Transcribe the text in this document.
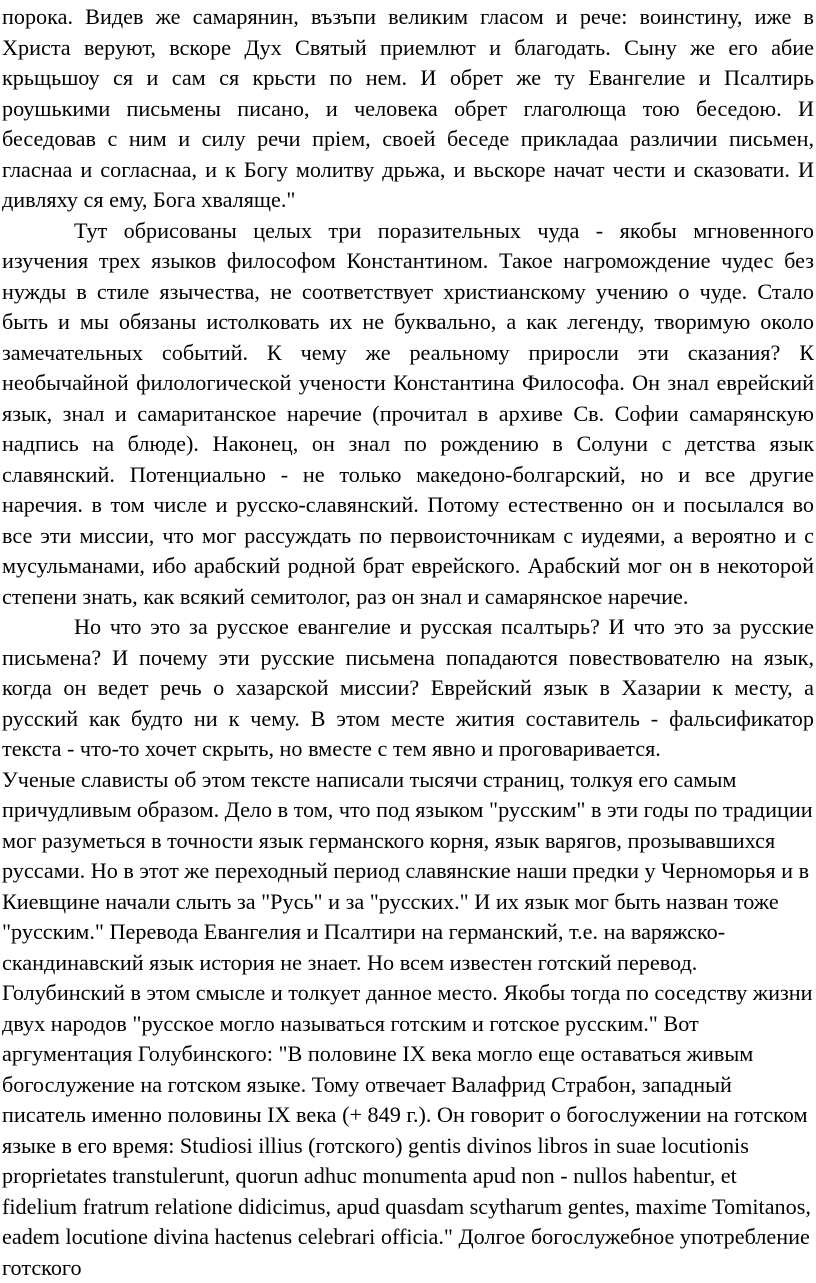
порока. Видев же самарянин, възъпи великим гласом и рече: воинстину, иже в Христа веруют, вскоре Дух Святый приемлют и благодать. Сыну же его абие крьщьшоу ся и сам ся крьсти по нем. И обрет же ту Евангелие и Псалтирь роушькими письмены писано, и человека обрет глаголюща тою беседою. И беседовав с ним и силу речи прiем, своей беседе прикладаа различии письмен, гласнаа и согласнаа, и к Богу молитву дрьжа, и вьскоре начат чести и сказовати. И дивляху ся ему, Бога хваляще."

Тут обрисованы целых три поразительных чуда - якобы мгновенного изучения трех языков философом Константином. Такое нагромождение чудес без нужды в стиле язычества, не соответствует христианскому учению о чуде. Стало быть и мы обязаны истолковать их не буквально, а как легенду, творимую около замечательных событий. К чему же реальному приросли эти сказания? К необычайной филологической учености Константина Философа. Он знал еврейский язык, знал и самаританское наречие (прочитал в архиве Св. Софии самарянскую надпись на блюде). Наконец, он знал по рождению в Солуни с детства язык славянский. Потенциально - не только македоно-болгарский, но и все другие наречия. в том числе и русско-славянский. Потому естественно он и посылался во все эти миссии, что мог рассуждать по первоисточникам с иудеями, а вероятно и с мусульманами, ибо арабский родной брат еврейского. Арабский мог он в некоторой степени знать, как всякий семитолог, раз он знал и самарянское наречие.

Но что это за русское евангелие и русская псалтырь? И что это за русские письмена? И почему эти русские письмена попадаются повествователю на язык, когда он ведет речь о хазарской миссии? Еврейский язык в Хазарии к месту, а русский как будто ни к чему. В этом месте жития составитель - фальсификатор текста - что-то хочет скрыть, но вместе с тем явно и проговаривается.

Ученые слависты об этом тексте написали тысячи страниц, толкуя его самым причудливым образом. Дело в том, что под языком "русским" в эти годы по традиции мог разуметься в точности язык германского корня, язык варягов, прозывавшихся руссами. Но в этот же переходный период славянские наши предки у Черноморья и в Киевщине начали слыть за "Русь" и за "русских." И их язык мог быть назван тоже "русским." Перевода Евангелия и Псалтири на германский, т.е. на варяжско-скандинавский язык история не знает. Но всем известен готский перевод. Голубинский в этом смысле и толкует данное место. Якобы тогда по соседству жизни двух народов "русское могло называться готским и готское русским." Вот аргументация Голубинского: "В половине IX века могло еще оставаться живым богослужение на готском языке. Тому отвечает Валафрид Страбон, западный писатель именно половины IX века (+ 849 г.). Он говорит о богослужении на готском языке в его время: Studiosi illius (готского) gentis divinos libros in suae locutionis proprietates transtulerunt, quorun adhuc monumenta apud non - nullos habentur, et fidelium fratrum relatione didicimus, apud quasdam scytharum gentes, maxime Tomitanos, eadem locutione divina hactenus celebrari officia." Долгое богослужебное употребление готского
